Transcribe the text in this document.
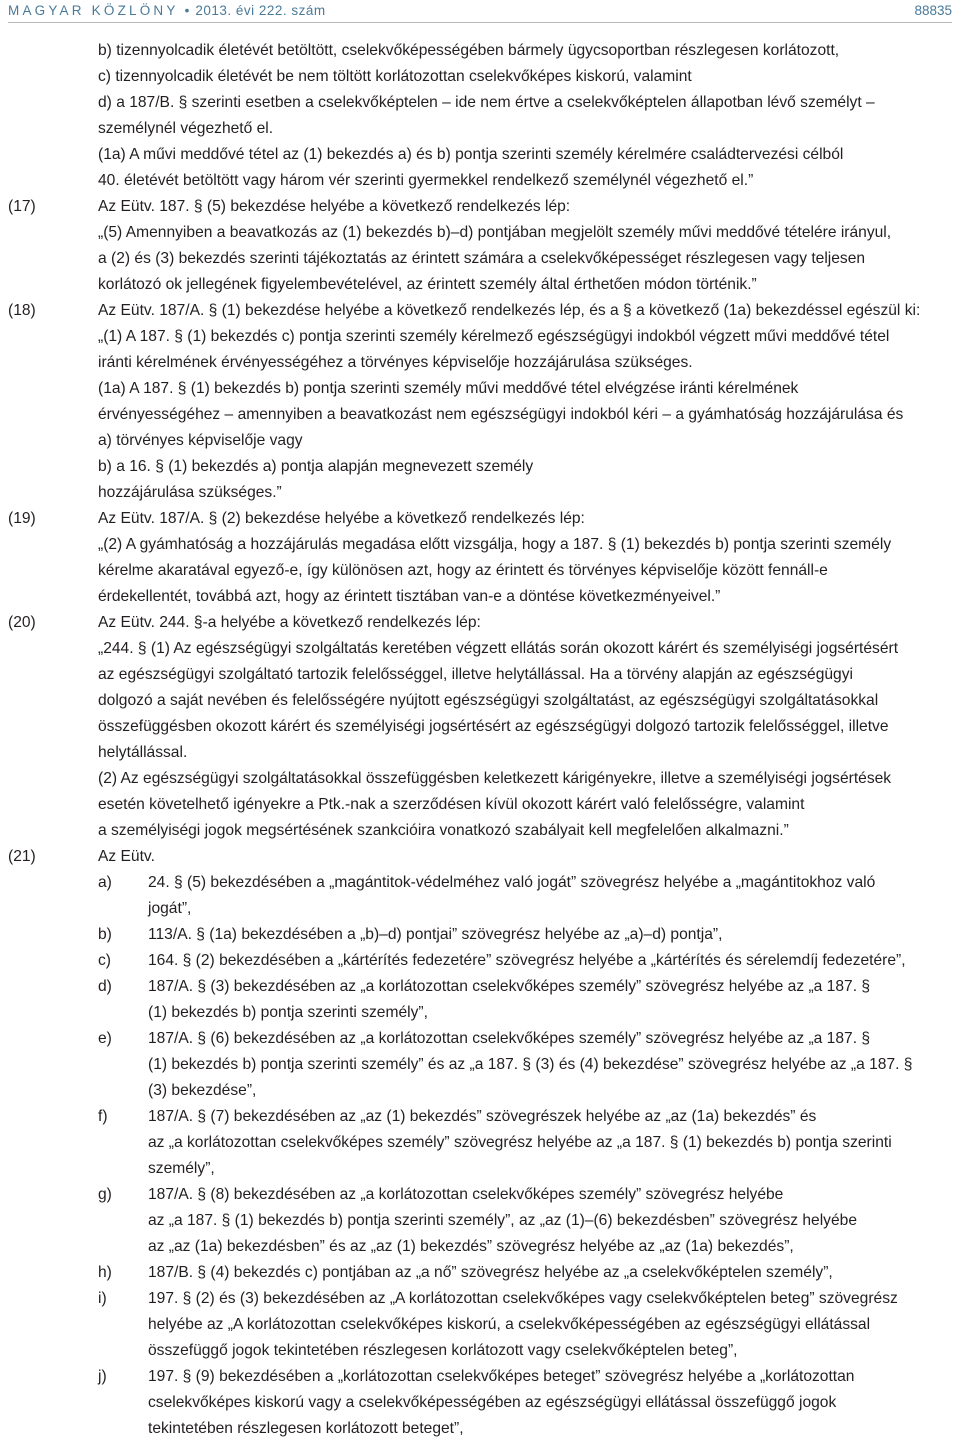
MAGYAR KÖZLÖNY • 2013. évi 222. szám	88835
b) tizennyolcadik életévét betöltött, cselekvőképességében bármely ügycsoportban részlegesen korlátozott,
c) tizennyolcadik életévét be nem töltött korlátozottan cselekvőképes kiskorú, valamint
d) a 187/B. § szerinti esetben a cselekvőképtelen – ide nem értve a cselekvőképtelen állapotban lévő személyt –
személynél végezhető el.
(1a) A művi meddővé tétel az (1) bekezdés a) és b) pontja szerinti személy kérelmére családtervezési célból
40. életévét betöltött vagy három vér szerinti gyermekkel rendelkező személynél végezhető el.”
(17)	Az Eütv. 187. § (5) bekezdése helyébe a következő rendelkezés lép:
„(5) Amennyiben a beavatkozás az (1) bekezdés b)–d) pontjában megjelölt személy művi meddővé tételére irányul,
a (2) és (3) bekezdés szerinti tájékoztatás az érintett számára a cselekvőképességet részlegesen vagy teljesen
korlátozó ok jellegének figyelembevételével, az érintett személy által érthetően módon történik.”
(18)	Az Eütv. 187/A. § (1) bekezdése helyébe a következő rendelkezés lép, és a § a következő (1a) bekezdéssel egészül ki:
„(1) A 187. § (1) bekezdés c) pontja szerinti személy kérelmező egészségügyi indokból végzett művi meddővé tétel
iránti kérelmének érvényességéhez a törvényes képviselője hozzájárulása szükséges.
(1a) A 187. § (1) bekezdés b) pontja szerinti személy művi meddővé tétel elvégzése iránti kérelmének
érvényességéhez – amennyiben a beavatkozást nem egészségügyi indokból kéri – a gyámhatóság hozzájárulása és
a) törvényes képviselője vagy
b) a 16. § (1) bekezdés a) pontja alapján megnevezett személy
hozzájárulása szükséges.”
(19)	Az Eütv. 187/A. § (2) bekezdése helyébe a következő rendelkezés lép:
„(2) A gyámhatóság a hozzájárulás megadása előtt vizsgálja, hogy a 187. § (1) bekezdés b) pontja szerinti személy
kérelme akaratával egyező-e, így különösen azt, hogy az érintett és törvényes képviselője között fennáll-e
érdekellentét, továbbá azt, hogy az érintett tisztában van-e a döntése következményeivel.”
(20)	Az Eütv. 244. §-a helyébe a következő rendelkezés lép:
„244. § (1) Az egészségügyi szolgáltatás keretében végzett ellátás során okozott kárért és személyiségi jogsértésért
az egészségügyi szolgáltató tartozik felelősséggel, illetve helytállással. Ha a törvény alapján az egészségügyi
dolgozó a saját nevében és felelősségére nyújtott egészségügyi szolgáltatást, az egészségügyi szolgáltatásokkal
összefüggésben okozott kárért és személyiségi jogsértésért az egészségügyi dolgozó tartozik felelősséggel, illetve
helytállással.
(2) Az egészségügyi szolgáltatásokkal összefüggésben keletkezett kárigényekre, illetve a személyiségi jogsértések
esetén követelhető igényekre a Ptk.-nak a szerződésen kívül okozott kárért való felelősségre, valamint
a személyiségi jogok megsértésének szankcióira vonatkozó szabályait kell megfelelően alkalmazni.”
(21)	Az Eütv.
a)	24. § (5) bekezdésében a „magántitok-védelméhez való jogát” szövegrész helyébe a „magántitokhoz való
jogát”,
b)	113/A. § (1a) bekezdésében a „b)–d) pontjai” szövegrész helyébe az „a)–d) pontja”,
c)	164. § (2) bekezdésében a „kártérítés fedezetére” szövegrész helyébe a „kártérítés és sérelemdíj fedezetére”,
d)	187/A. § (3) bekezdésében az „a korlátozottan cselekvőképes személy” szövegrész helyébe az „a 187. §
(1) bekezdés b) pontja szerinti személy”,
e)	187/A. § (6) bekezdésében az „a korlátozottan cselekvőképes személy” szövegrész helyébe az „a 187. §
(1) bekezdés b) pontja szerinti személy” és az „a 187. § (3) és (4) bekezdése” szövegrész helyébe az „a 187. §
(3) bekezdése”,
f)	187/A. § (7) bekezdésében az „az (1) bekezdés” szövegrészek helyébe az „az (1a) bekezdés” és
az „a korlátozottan cselekvőképes személy” szövegrész helyébe az „a 187. § (1) bekezdés b) pontja szerinti
személy”,
g)	187/A. § (8) bekezdésében az „a korlátozottan cselekvőképes személy” szövegrész helyébe
az „a 187. § (1) bekezdés b) pontja szerinti személy”, az „az (1)–(6) bekezdésben” szövegrész helyébe
az „az (1a) bekezdésben” és az „az (1) bekezdés” szövegrész helyébe az „az (1a) bekezdés”,
h)	187/B. § (4) bekezdés c) pontjában az „a nő” szövegrész helyébe az „a cselekvőképtelen személy”,
i)	197. § (2) és (3) bekezdésében az „A korlátozottan cselekvőképes vagy cselekvőképtelen beteg” szövegrész
helyébe az „A korlátozottan cselekvőképes kiskorú, a cselekvőképességében az egészségügyi ellátással
összefüggő jogok tekintetében részlegesen korlátozott vagy cselekvőképtelen beteg”,
j)	197. § (9) bekezdésében a „korlátozottan cselekvőképes beteget” szövegrész helyébe a „korlátozottan
cselekvőképes kiskorú vagy a cselekvőképességében az egészségügyi ellátással összefüggő jogok
tekintetében részlegesen korlátozott beteget”,
